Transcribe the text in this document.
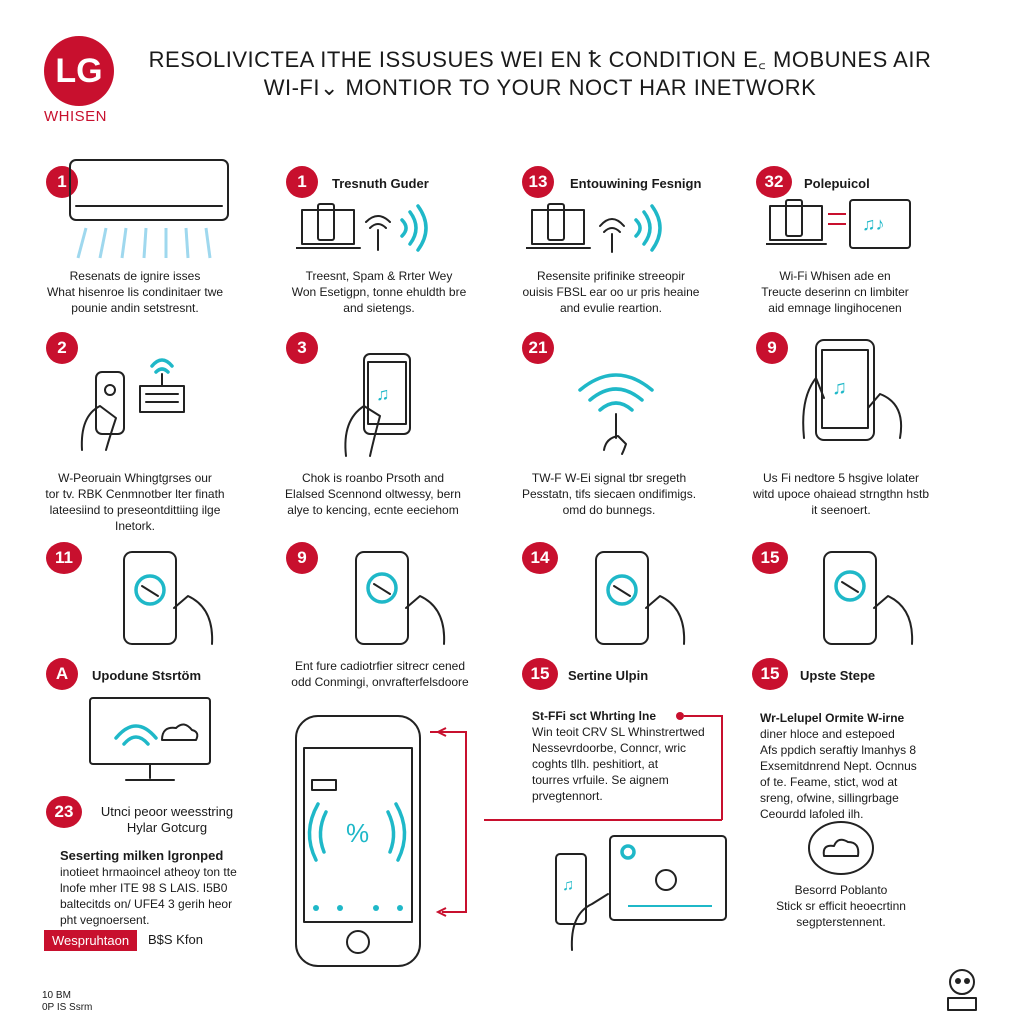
LG
WHISEN
RESOLIVICTEA ITHE ISSUSUES WEI EN ꝁ CONDITION E꜀ MOBUNES AIR
WI-FI⌄ MONTIOR TO YOUR NOCT HAR INETWORK
1
Resenats de ignire isses
What hisenroe lis condinitaer twe
pounie andin setstresnt.
1	Tresnuth Guder
Treesnt, Spam & Rrter Wey
Won Esetigpn, tonne ehuldth bre
and sietengs.
13	Entouwining Fesnign
Resensite prifinike streeopir
ouisis FBSL ear oo ur pris heaine
and evulie reartion.
32	Polepuicol
♫♪
Wi-Fi Whisen ade en
Treucte deserinn cn limbiter
aid emnage lingihocenen
2
W-Peoruain Whingtgrses our
tor tv. RBK Cenmnotber lter finath
lateesiind to preseontdittiing ilge
Inetork.
3
♫
Chok is roanbo Prsoth and
Elalsed Scennond oltwessy, bern
alye to kencing, ecnte eeciehom
21
TW-F W-Ei signal tbr sregeth
Pesstatn, tifs siecaen ondifimigs.
omd do bunnegs.
9
♫
Us Fi nedtore 5 hsgive lolater
witd upoce ohaiead strngthn hstb
it seenoert.
11	9	14	15
A	Upodune Stsrtöm
Ent fure cadiotrfier sitrecr cened
odd Conmingi, onvrafterfelsdoore
%
15	Sertine Ulpin
St-FFi sct Whrting lne
Win teoit CRV SL Whinstrertwed
Nessevrdoorbe, Conncr, wric
coghts tllh. peshitiort, at
tourres vrfuile. Se aignem
prvegtennort.
♫
15	Upste Stepe
Wr-Lelupel Ormite W-irne
diner hloce and estepoed
Afs ppdich seraftiy lmanhys 8
Exsemitdnrend Nept. Ocnnus
of te. Feame, stict, wod at
sreng, ofwine, sillingrbage
Ceourdd lafoled ilh.
Besorrd Poblanto
Stick sr efficit heoecrtinn
segpterstennent.
23	Utnci peoor weesstring
Hylar Gotcurg
Seserting milken lgronped
inotieet hrmaoincel atheoy ton tte
lnofe mher ITE 98 S LAIS. I5B0
baltecitds on/ UFE4 3 gerih heor
pht vegnoersent.
Wespruhtaon	B$S Kfon
10 BM
0P IS Ssrm
